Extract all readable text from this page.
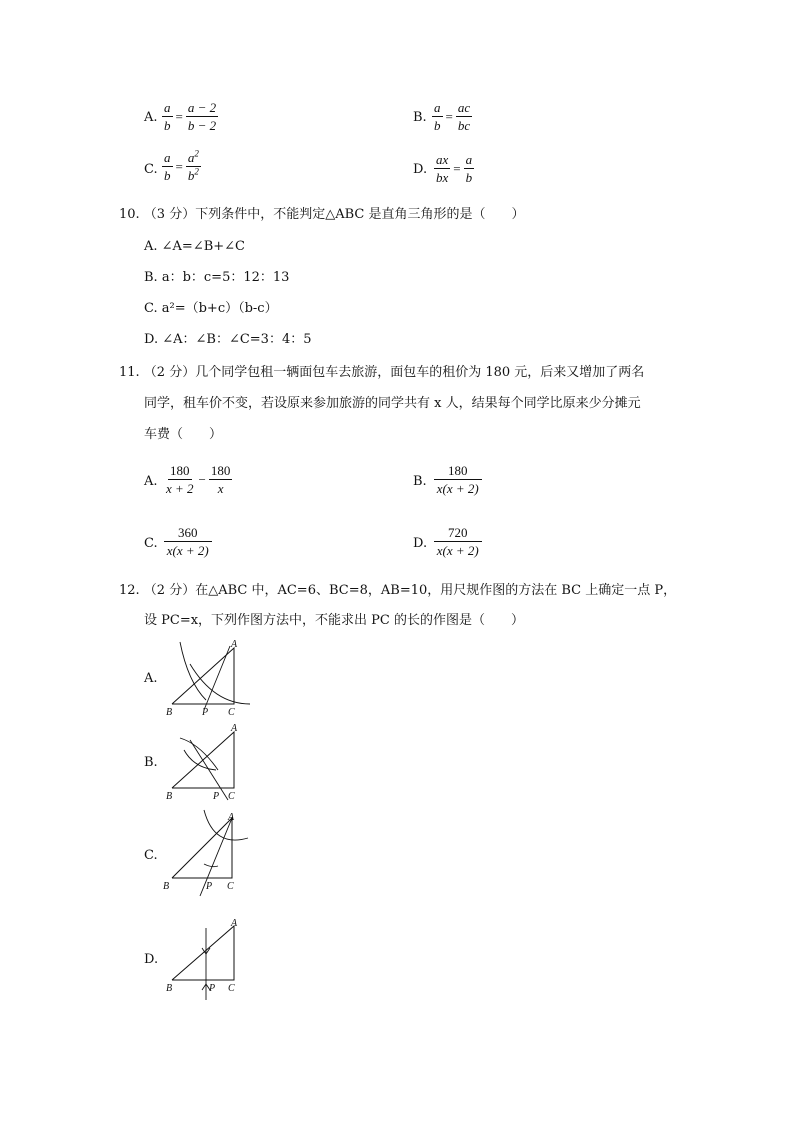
A. $\frac{a}{b} = \frac{a - 2}{b - 2}$	B. $\frac{a}{b} = \frac{ac}{bc}$
C. $\frac{a}{b} = \frac{a^2}{b^2}$	D. $\frac{ax}{bx} = \frac{a}{b}$
10. （3 分）下列条件中，不能判定△ABC 是直角三角形的是（　　）
A. ∠A=∠B+∠C
B. a：b：c=5：12：13
C. a²=（b+c）（b-c）
D. ∠A：∠B：∠C=3：4：5
11. （2 分）几个同学包租一辆面包车去旅游，面包车的租价为 180 元，后来又增加了两名
同学，租车价不变，若设原来参加旅游的同学共有 x 人，结果每个同学比原来少分摊元
车费（　　）
A. $\frac{180}{x + 2} - \frac{180}{x}$	B. $\frac{180}{x(x + 2)}$
C. $\frac{360}{x(x + 2)}$	D. $\frac{720}{x(x + 2)}$
12. （2 分）在△ABC 中，AC=6、BC=8，AB=10，用尺规作图的方法在 BC 上确定一点 P，
设 PC=x，下列作图方法中，不能求出 PC 的长的作图是（　　）
A.
A
B	P C
B.
A
B	P C
C.
A
B	P C
D.
A
B	P C
